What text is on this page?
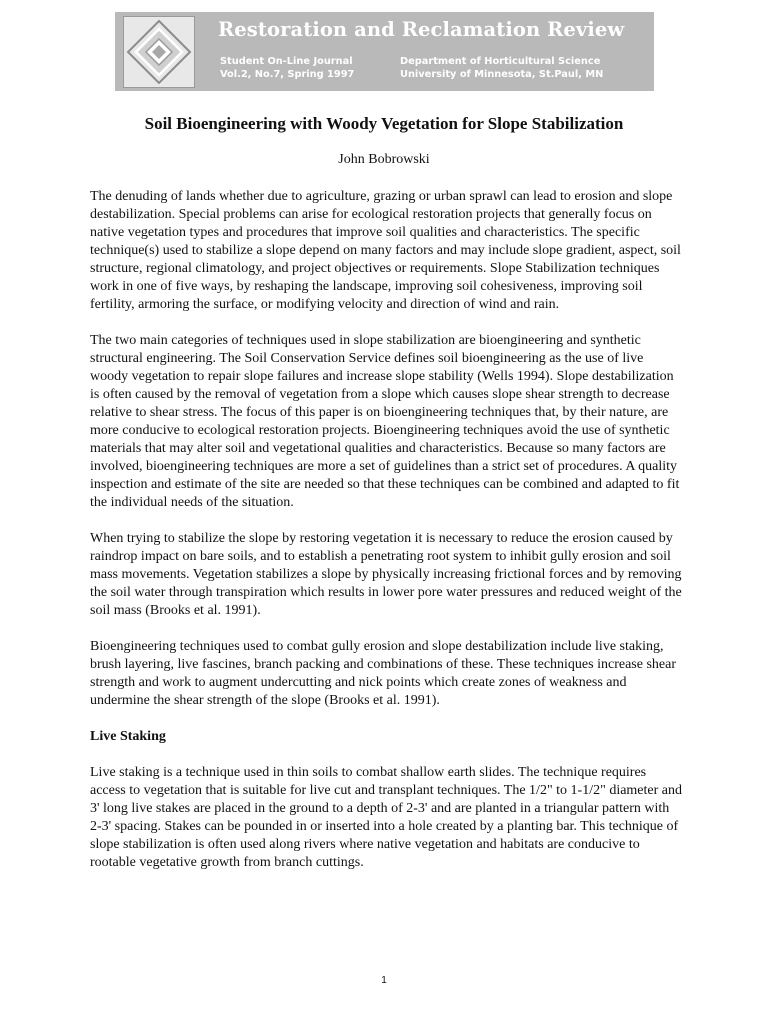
Restoration and Reclamation Review
Student On-Line Journal
Vol.2, No.7, Spring 1997
Department of Horticultural Science
University of Minnesota, St.Paul, MN
Soil Bioengineering with Woody Vegetation for Slope Stabilization
John Bobrowski

The denuding of lands whether due to agriculture, grazing or urban sprawl can lead to erosion and slope destabilization. Special problems can arise for ecological restoration projects that generally focus on native vegetation types and procedures that improve soil qualities and characteristics. The specific technique(s) used to stabilize a slope depend on many factors and may include slope gradient, aspect, soil structure, regional climatology, and project objectives or requirements. Slope Stabilization techniques work in one of five ways, by reshaping the landscape, improving soil cohesiveness, improving soil fertility, armoring the surface, or modifying velocity and direction of wind and rain.

The two main categories of techniques used in slope stabilization are bioengineering and synthetic structural engineering. The Soil Conservation Service defines soil bioengineering as the use of live woody vegetation to repair slope failures and increase slope stability (Wells 1994). Slope destabilization is often caused by the removal of vegetation from a slope which causes slope shear strength to decrease relative to shear stress. The focus of this paper is on bioengineering techniques that, by their nature, are more conducive to ecological restoration projects. Bioengineering techniques avoid the use of synthetic materials that may alter soil and vegetational qualities and characteristics. Because so many factors are involved, bioengineering techniques are more a set of guidelines than a strict set of procedures. A quality inspection and estimate of the site are needed so that these techniques can be combined and adapted to fit the individual needs of the situation.

When trying to stabilize the slope by restoring vegetation it is necessary to reduce the erosion caused by raindrop impact on bare soils, and to establish a penetrating root system to inhibit gully erosion and soil mass movements. Vegetation stabilizes a slope by physically increasing frictional forces and by removing the soil water through transpiration which results in lower pore water pressures and reduced weight of the soil mass (Brooks et al. 1991).

Bioengineering techniques used to combat gully erosion and slope destabilization include live staking, brush layering, live fascines, branch packing and combinations of these. These techniques increase shear strength and work to augment undercutting and nick points which create zones of weakness and undermine the shear strength of the slope (Brooks et al. 1991).

Live Staking

Live staking is a technique used in thin soils to combat shallow earth slides. The technique requires access to vegetation that is suitable for live cut and transplant techniques. The 1/2" to 1-1/2" diameter and 3' long live stakes are placed in the ground to a depth of 2-3' and are planted in a triangular pattern with 2-3' spacing. Stakes can be pounded in or inserted into a hole created by a planting bar. This technique of slope stabilization is often used along rivers where native vegetation and habitats are conducive to rootable vegetative growth from branch cuttings.

1
